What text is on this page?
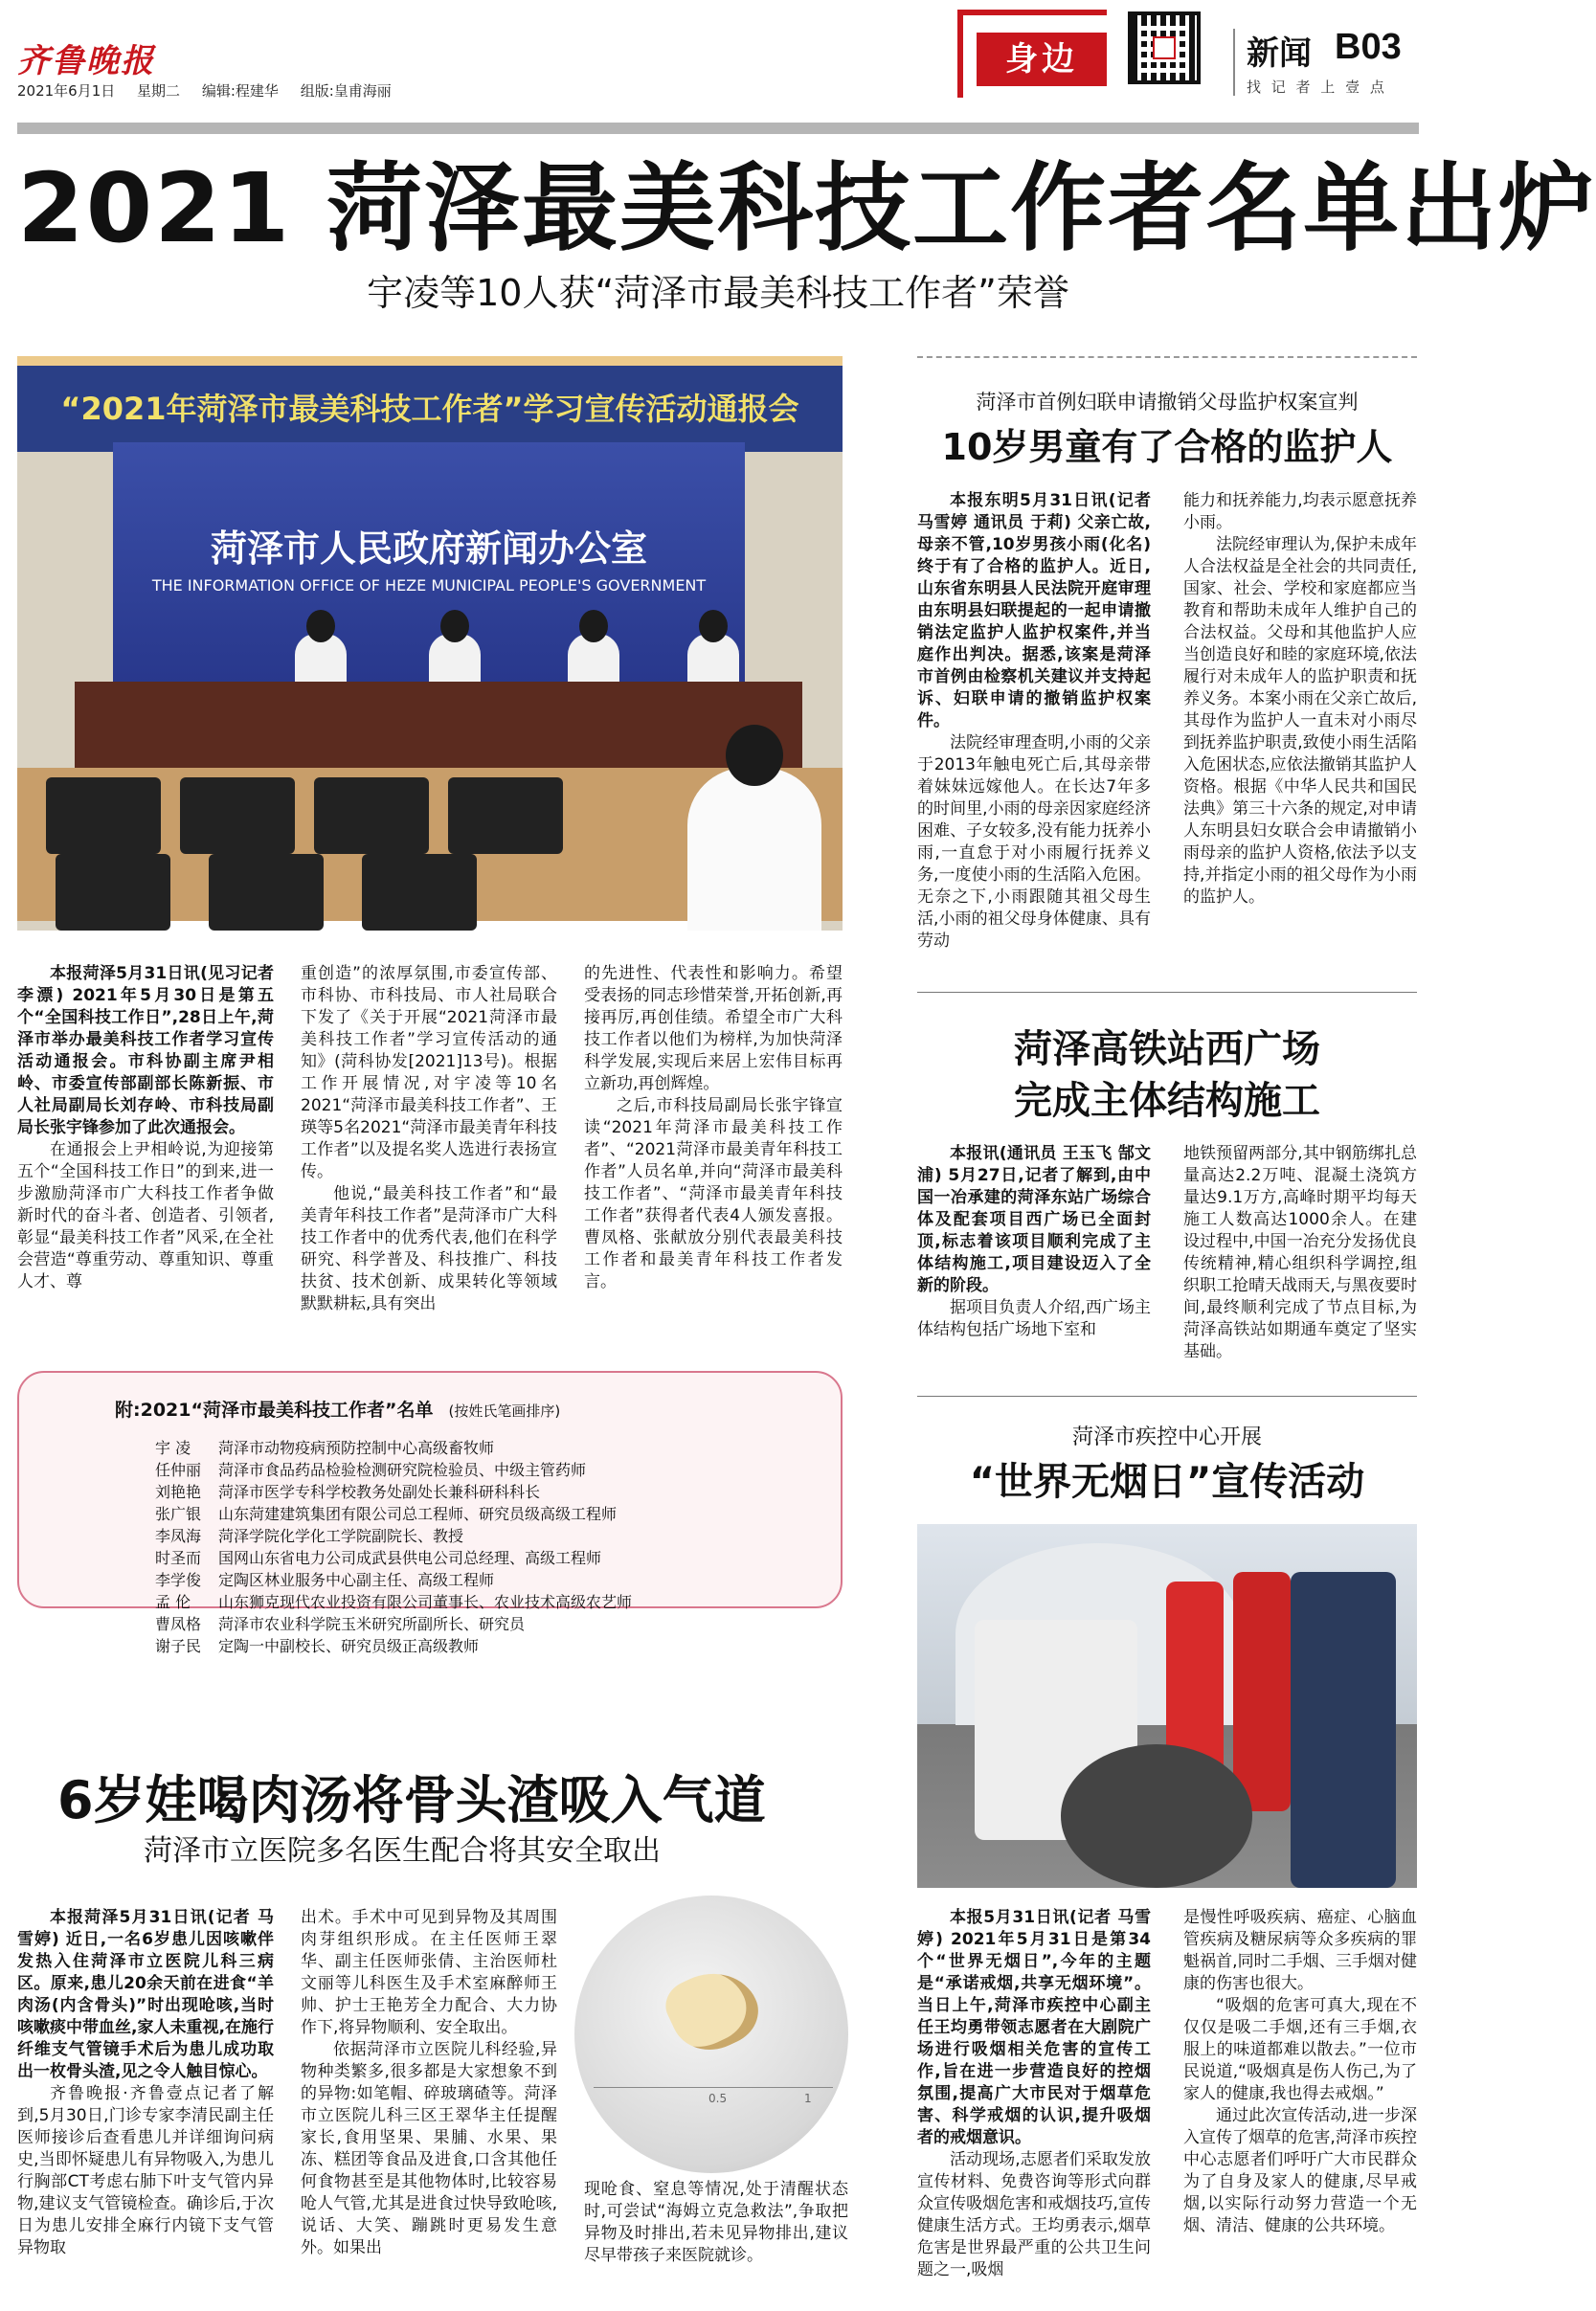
齐鲁晚报
2021年6月1日 星期二 编辑:程建华 组版:皇甫海丽
身边	新闻 B03
找 记 者 上 壹 点
2021 菏泽最美科技工作者名单出炉
宇凌等10人获“菏泽市最美科技工作者”荣誉
“2021年菏泽市最美科技工作者”学习宣传活动通报会
菏泽市人民政府新闻办公室
THE INFORMATION OFFICE OF HEZE MUNICIPAL PEOPLE'S GOVERNMENT

本报菏泽5月31日讯(见习记者 李漂) 2021年5月30日是第五个“全国科技工作日”,28日上午,菏泽市举办最美科技工作者学习宣传活动通报会。市科协副主席尹相岭、市委宣传部副部长陈新振、市人社局副局长刘存岭、市科技局副局长张宇锋参加了此次通报会。

在通报会上尹相岭说,为迎接第五个“全国科技工作日”的到来,进一步激励菏泽市广大科技工作者争做新时代的奋斗者、创造者、引领者,彰显“最美科技工作者”风采,在全社会营造“尊重劳动、尊重知识、尊重人才、尊

重创造”的浓厚氛围,市委宣传部、市科协、市科技局、市人社局联合下发了《关于开展“2021菏泽市最美科技工作者”学习宣传活动的通知》(菏科协发[2021]13号)。根据工作开展情况,对宇凌等10名2021“菏泽市最美科技工作者”、王瑛等5名2021“菏泽市最美青年科技工作者”以及提名奖人选进行表扬宣传。

他说,“最美科技工作者”和“最美青年科技工作者”是菏泽市广大科技工作者中的优秀代表,他们在科学研究、科学普及、科技推广、科技扶贫、技术创新、成果转化等领域默默耕耘,具有突出

的先进性、代表性和影响力。希望受表扬的同志珍惜荣誉,开拓创新,再接再厉,再创佳绩。希望全市广大科技工作者以他们为榜样,为加快菏泽科学发展,实现后来居上宏伟目标再立新功,再创辉煌。

之后,市科技局副局长张宇锋宣读“2021年菏泽市最美科技工作者”、“2021菏泽市最美青年科技工作者”人员名单,并向“菏泽市最美科技工作者”、“菏泽市最美青年科技工作者”获得者代表4人颁发喜报。曹凤格、张献放分别代表最美科技工作者和最美青年科技工作者发言。

附:2021“菏泽市最美科技工作者”名单 (按姓氏笔画排序)
宇 凌 菏泽市动物疫病预防控制中心高级畜牧师
任仲丽 菏泽市食品药品检验检测研究院检验员、中级主管药师
刘艳艳 菏泽市医学专科学校教务处副处长兼科研科科长
张广银 山东菏建建筑集团有限公司总工程师、研究员级高级工程师
李凤海 菏泽学院化学化工学院副院长、教授
时圣而 国网山东省电力公司成武县供电公司总经理、高级工程师
李学俊 定陶区林业服务中心副主任、高级工程师
孟 伦 山东狮克现代农业投资有限公司董事长、农业技术高级农艺师
曹凤格 菏泽市农业科学院玉米研究所副所长、研究员
谢子民 定陶一中副校长、研究员级正高级教师
6岁娃喝肉汤将骨头渣吸入气道
菏泽市立医院多名医生配合将其安全取出

本报菏泽5月31日讯(记者 马雪婷) 近日,一名6岁患儿因咳嗽伴发热入住菏泽市立医院儿科三病区。原来,患儿20余天前在进食“羊肉汤(内含骨头)”时出现呛咳,当时咳嗽痰中带血丝,家人未重视,在施行纤维支气管镜手术后为患儿成功取出一枚骨头渣,见之令人触目惊心。

齐鲁晚报·齐鲁壹点记者了解到,5月30日,门诊专家李清民副主任医师接诊后查看患儿并详细询问病史,当即怀疑患儿有异物吸入,为患儿行胸部CT考虑右肺下叶支气管内异物,建议支气管镜检查。确诊后,于次日为患儿安排全麻行内镜下支气管异物取

出术。手术中可见到异物及其周围肉芽组织形成。在主任医师王翠华、副主任医师张倩、主治医师杜文丽等儿科医生及手术室麻醉师王帅、护士王艳芳全力配合、大力协作下,将异物顺利、安全取出。

依据菏泽市立医院儿科经验,异物种类繁多,很多都是大家想象不到的异物:如笔帽、碎玻璃碴等。菏泽市立医院儿科三区王翠华主任提醒家长,食用坚果、果脯、水果、果冻、糕团等食品及进食,口含其他任何食物甚至是其他物体时,比较容易呛人气管,尤其是进食过快导致呛咳,说话、大笑、蹦跳时更易发生意外。如果出

0.5	1

现呛食、窒息等情况,处于清醒状态时,可尝试“海姆立克急救法”,争取把异物及时排出,若未见异物排出,建议尽早带孩子来医院就诊。

菏泽市首例妇联申请撤销父母监护权案宣判
10岁男童有了合格的监护人

本报东明5月31日讯(记者 马雪婷 通讯员 于莉) 父亲亡故,母亲不管,10岁男孩小雨(化名)终于有了合格的监护人。近日,山东省东明县人民法院开庭审理由东明县妇联提起的一起申请撤销法定监护人监护权案件,并当庭作出判决。据悉,该案是菏泽市首例由检察机关建议并支持起诉、妇联申请的撤销监护权案件。

法院经审理查明,小雨的父亲于2013年触电死亡后,其母亲带着妹妹远嫁他人。在长达7年多的时间里,小雨的母亲因家庭经济困难、子女较多,没有能力抚养小雨,一直怠于对小雨履行抚养义务,一度使小雨的生活陷入危困。无奈之下,小雨跟随其祖父母生活,小雨的祖父母身体健康、具有劳动

能力和抚养能力,均表示愿意抚养小雨。

法院经审理认为,保护未成年人合法权益是全社会的共同责任,国家、社会、学校和家庭都应当教育和帮助未成年人维护自己的合法权益。父母和其他监护人应当创造良好和睦的家庭环境,依法履行对未成年人的监护职责和抚养义务。本案小雨在父亲亡故后,其母作为监护人一直未对小雨尽到抚养监护职责,致使小雨生活陷入危困状态,应依法撤销其监护人资格。根据《中华人民共和国民法典》第三十六条的规定,对申请人东明县妇女联合会申请撤销小雨母亲的监护人资格,依法予以支持,并指定小雨的祖父母作为小雨的监护人。

菏泽高铁站西广场
完成主体结构施工

本报讯(通讯员 王玉飞 郜文浦) 5月27日,记者了解到,由中国一冶承建的菏泽东站广场综合体及配套项目西广场已全面封顶,标志着该项目顺利完成了主体结构施工,项目建设迈入了全新的阶段。

据项目负责人介绍,西广场主体结构包括广场地下室和

地铁预留两部分,其中钢筋绑扎总量高达2.2万吨、混凝土浇筑方量达9.1万方,高峰时期平均每天施工人数高达1000余人。在建设过程中,中国一冶充分发扬优良传统精神,精心组织科学调控,组织职工抢晴天战雨天,与黑夜要时间,最终顺利完成了节点目标,为菏泽高铁站如期通车奠定了坚实基础。

菏泽市疾控中心开展
“世界无烟日”宣传活动

本报5月31日讯(记者 马雪婷) 2021年5月31日是第34个“世界无烟日”,今年的主题是“承诺戒烟,共享无烟环境”。当日上午,菏泽市疾控中心副主任王均勇带领志愿者在大剧院广场进行吸烟相关危害的宣传工作,旨在进一步营造良好的控烟氛围,提高广大市民对于烟草危害、科学戒烟的认识,提升吸烟者的戒烟意识。

活动现场,志愿者们采取发放宣传材料、免费咨询等形式向群众宣传吸烟危害和戒烟技巧,宣传健康生活方式。王均勇表示,烟草危害是世界最严重的公共卫生问题之一,吸烟

是慢性呼吸疾病、癌症、心脑血管疾病及糖尿病等众多疾病的罪魁祸首,同时二手烟、三手烟对健康的伤害也很大。

“吸烟的危害可真大,现在不仅仅是吸二手烟,还有三手烟,衣服上的味道都难以散去。”一位市民说道,“吸烟真是伤人伤己,为了家人的健康,我也得去戒烟。”

通过此次宣传活动,进一步深入宣传了烟草的危害,菏泽市疾控中心志愿者们呼吁广大市民群众为了自身及家人的健康,尽早戒烟,以实际行动努力营造一个无烟、清洁、健康的公共环境。
